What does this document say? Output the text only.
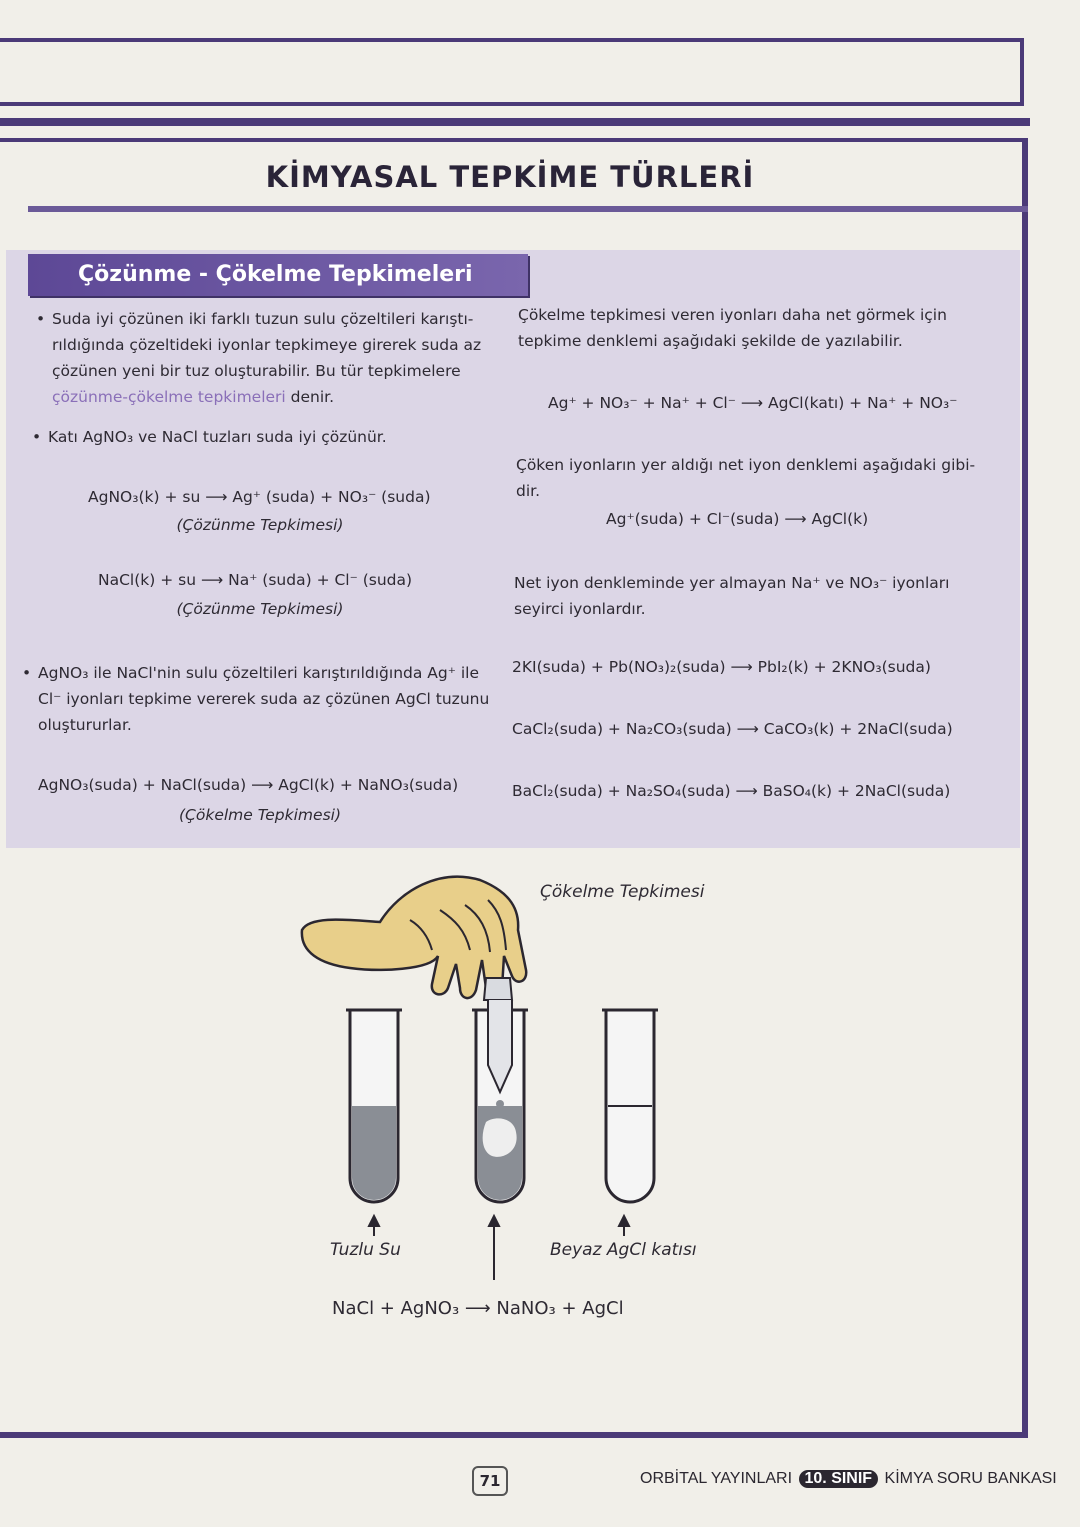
KİMYASAL TEPKİME TÜRLERİ
Çözünme - Çökelme Tepkimeleri
• Suda iyi çözünen iki farklı tuzun sulu çözeltileri karıştı-
rıldığında çözeltideki iyonlar tepkimeye girerek suda az
çözünen yeni bir tuz oluşturabilir. Bu tür tepkimelere
çözünme-çökelme tepkimeleri denir.
• Katı AgNO₃ ve NaCl tuzları suda iyi çözünür.
AgNO₃(k) + su ⟶ Ag⁺ (suda) + NO₃⁻ (suda)
(Çözünme Tepkimesi)
NaCl(k) + su ⟶ Na⁺ (suda) + Cl⁻ (suda)
(Çözünme Tepkimesi)
• AgNO₃ ile NaCl'nin sulu çözeltileri karıştırıldığında Ag⁺ ile
Cl⁻ iyonları tepkime vererek suda az çözünen AgCl tuzunu
oluştururlar.
AgNO₃(suda) + NaCl(suda) ⟶ AgCl(k) + NaNO₃(suda)
(Çökelme Tepkimesi)
Çökelme tepkimesi veren iyonları daha net görmek için
tepkime denklemi aşağıdaki şekilde de yazılabilir.
Ag⁺ + NO₃⁻ + Na⁺ + Cl⁻ ⟶ AgCl(katı) + Na⁺ + NO₃⁻
Çöken iyonların yer aldığı net iyon denklemi aşağıdaki gibi-
dir.
Ag⁺(suda) + Cl⁻(suda) ⟶ AgCl(k)
Net iyon denkleminde yer almayan Na⁺ ve NO₃⁻ iyonları
seyirci iyonlardır.
2KI(suda) + Pb(NO₃)₂(suda) ⟶ PbI₂(k) + 2KNO₃(suda)
CaCl₂(suda) + Na₂CO₃(suda) ⟶ CaCO₃(k) + 2NaCl(suda)
BaCl₂(suda) + Na₂SO₄(suda) ⟶ BaSO₄(k) + 2NaCl(suda)
Çökelme Tepkimesi
Tuzlu Su	Beyaz AgCl katısı
NaCl + AgNO₃ ⟶ NaNO₃ + AgCl
71	ORBİTAL YAYINLARI 10. SINIF KİMYA SORU BANKASI
